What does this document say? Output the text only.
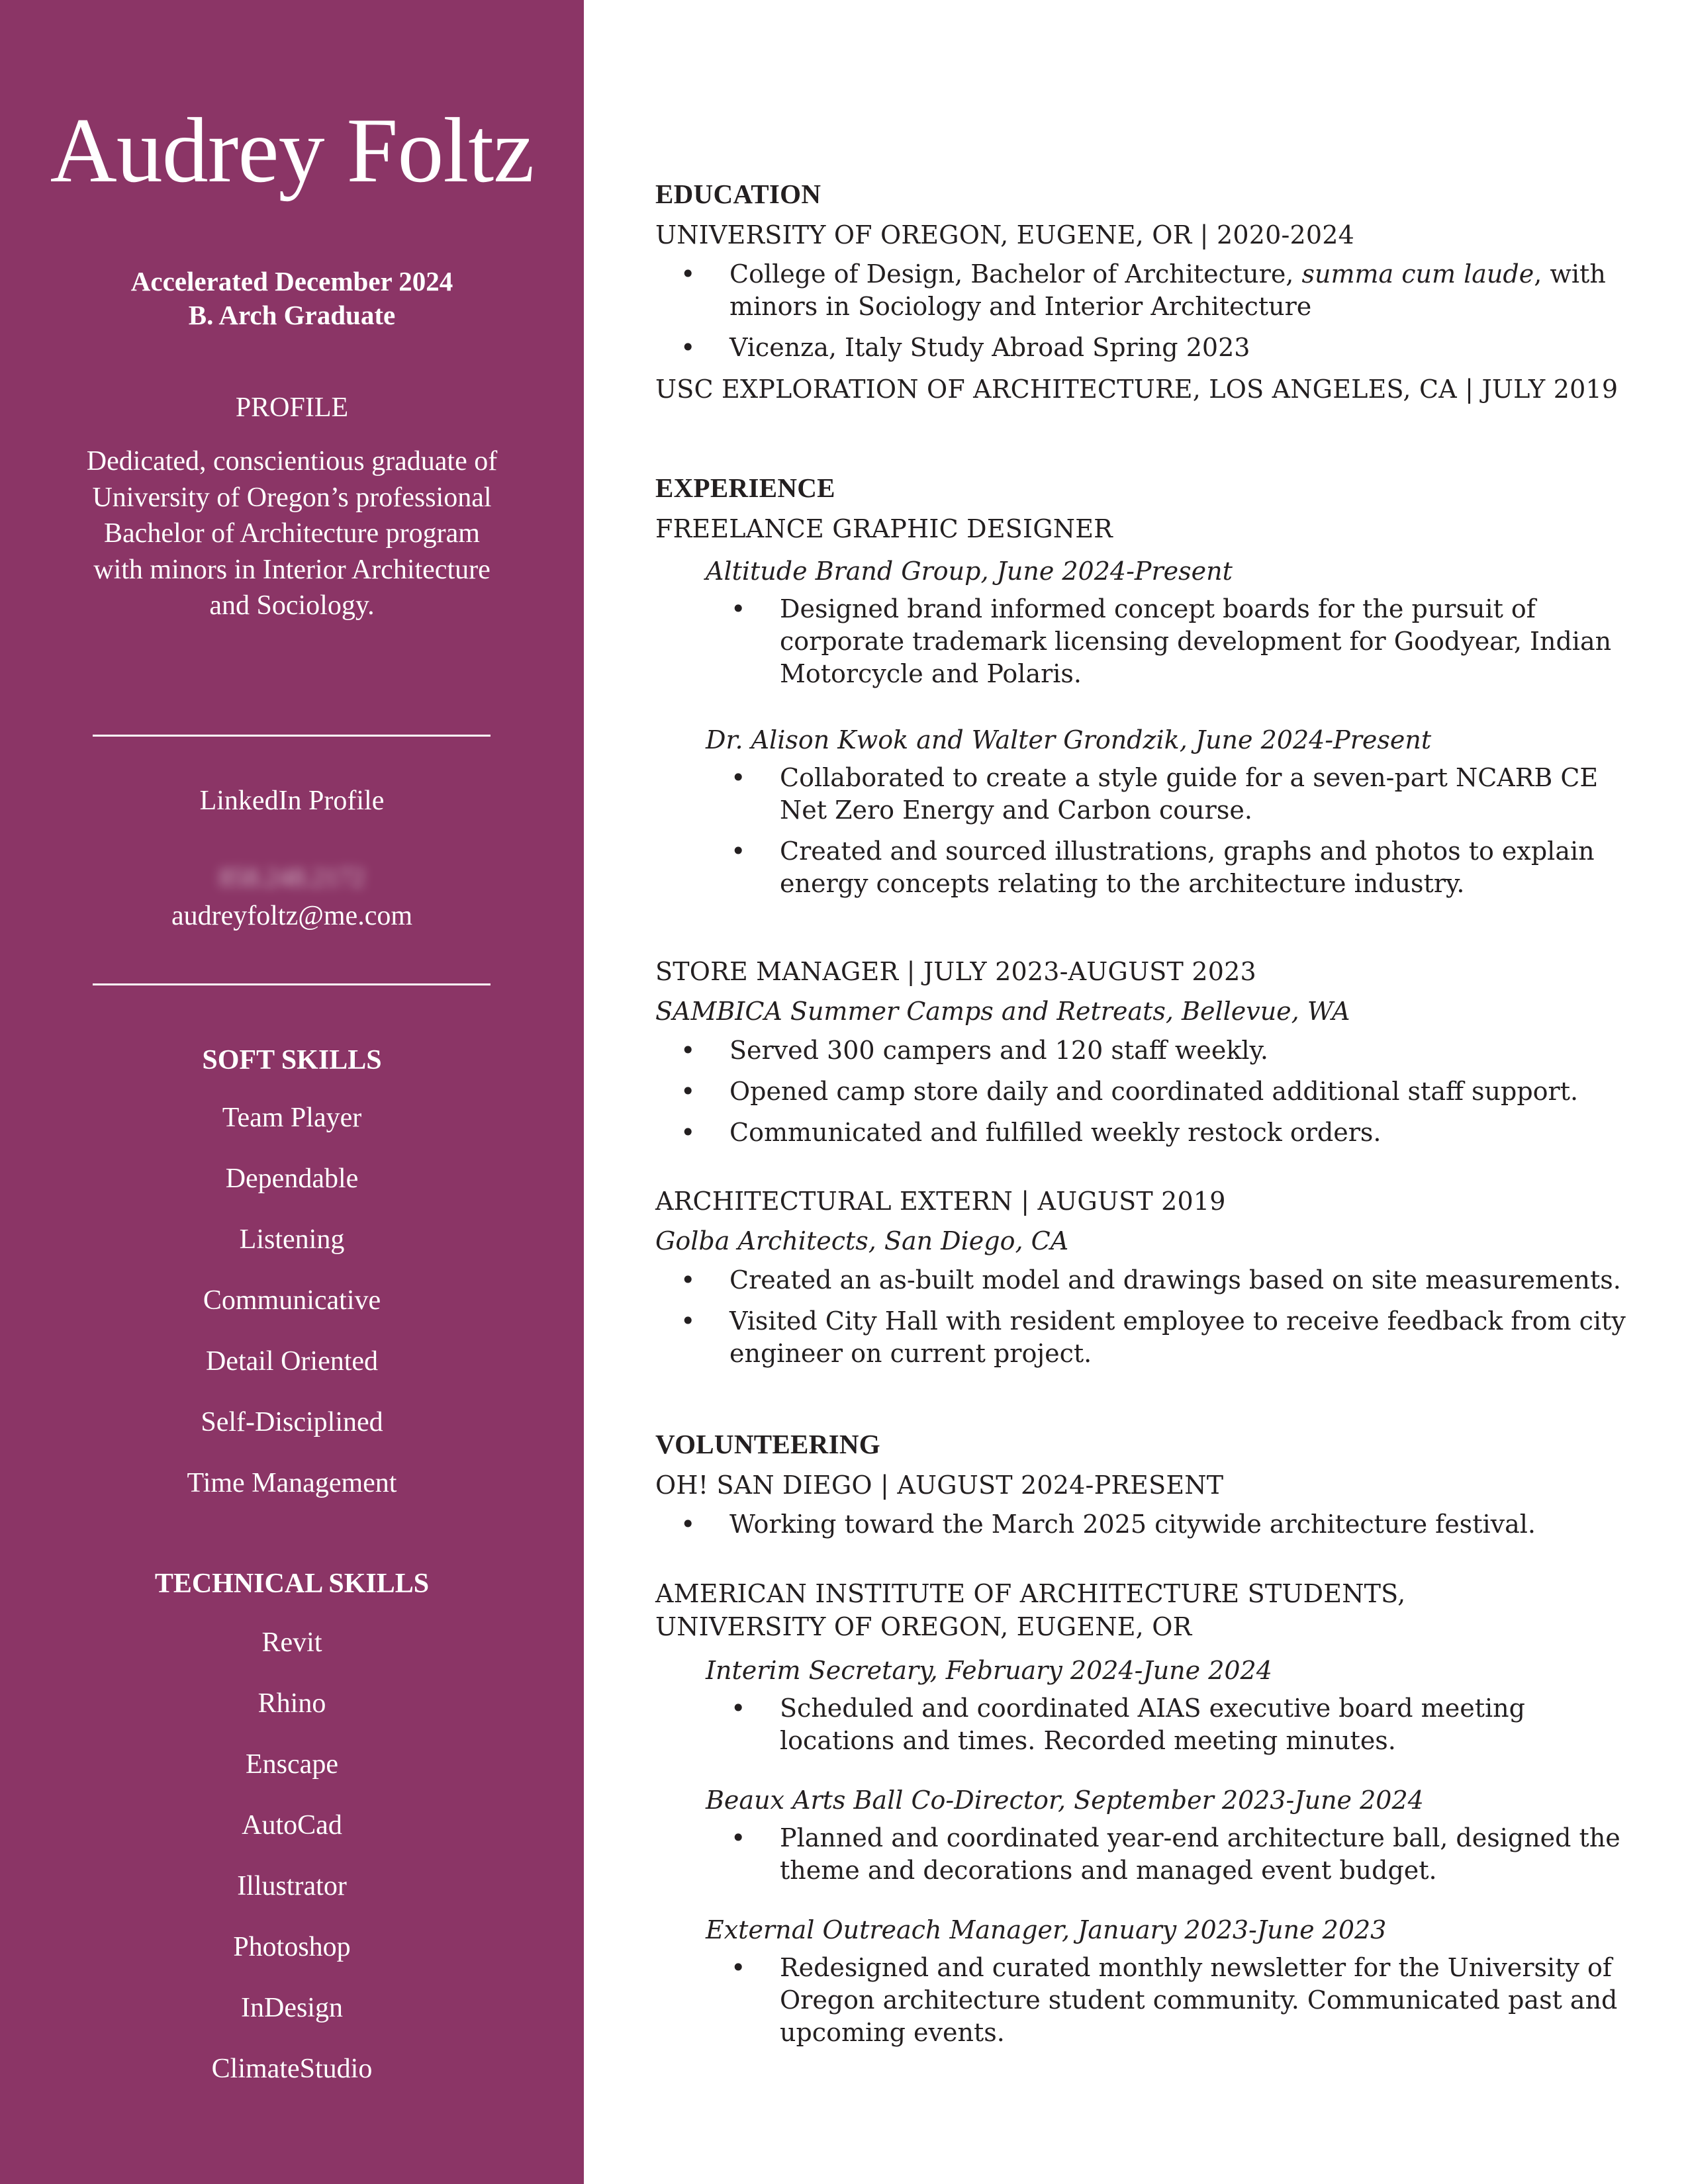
Audrey Foltz
Accelerated December 2024
B. Arch Graduate
PROFILE
Dedicated, conscientious graduate of University of Oregon’s professional Bachelor of Architecture program with minors in Interior Architecture and Sociology.
LinkedIn Profile
858.248.2172
audreyfoltz@me.com
SOFT SKILLS
Team Player
Dependable
Listening
Communicative
Detail Oriented
Self-Disciplined
Time Management
TECHNICAL SKILLS
Revit
Rhino
Enscape
AutoCad
Illustrator
Photoshop
InDesign
ClimateStudio
EDUCATION
UNIVERSITY OF OREGON, EUGENE, OR | 2020-2024
• College of Design, Bachelor of Architecture, summa cum laude, with minors in Sociology and Interior Architecture
• Vicenza, Italy Study Abroad Spring 2023
USC EXPLORATION OF ARCHITECTURE, LOS ANGELES, CA | JULY 2019
EXPERIENCE
FREELANCE GRAPHIC DESIGNER
Altitude Brand Group, June 2024-Present
• Designed brand informed concept boards for the pursuit of corporate trademark licensing development for Goodyear, Indian Motorcycle and Polaris.
Dr. Alison Kwok and Walter Grondzik, June 2024-Present
• Collaborated to create a style guide for a seven-part NCARB CE Net Zero Energy and Carbon course.
• Created and sourced illustrations, graphs and photos to explain energy concepts relating to the architecture industry.
STORE MANAGER | JULY 2023-AUGUST 2023
SAMBICA Summer Camps and Retreats, Bellevue, WA
• Served 300 campers and 120 staff weekly.
• Opened camp store daily and coordinated additional staff support.
• Communicated and fulfilled weekly restock orders.
ARCHITECTURAL EXTERN | AUGUST 2019
Golba Architects, San Diego, CA
• Created an as-built model and drawings based on site measurements.
• Visited City Hall with resident employee to receive feedback from city engineer on current project.
VOLUNTEERING
OH! SAN DIEGO | AUGUST 2024-PRESENT
• Working toward the March 2025 citywide architecture festival.
AMERICAN INSTITUTE OF ARCHITECTURE STUDENTS,
UNIVERSITY OF OREGON, EUGENE, OR
Interim Secretary, February 2024-June 2024
• Scheduled and coordinated AIAS executive board meeting locations and times. Recorded meeting minutes.
Beaux Arts Ball Co-Director, September 2023-June 2024
• Planned and coordinated year-end architecture ball, designed the theme and decorations and managed event budget.
External Outreach Manager, January 2023-June 2023
• Redesigned and curated monthly newsletter for the University of Oregon architecture student community. Communicated past and upcoming events.
